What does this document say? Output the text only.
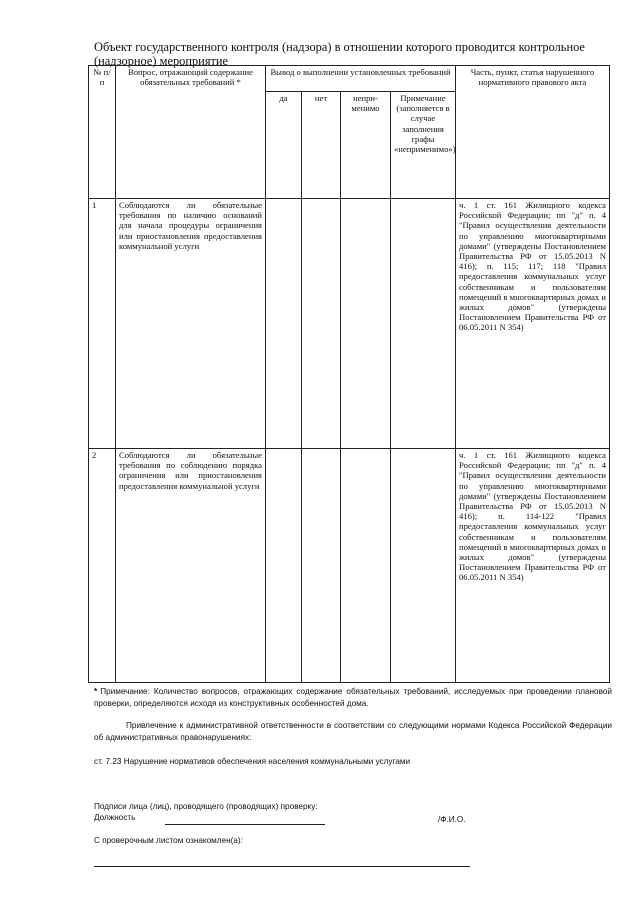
Объект государственного контроля (надзора) в отношении которого проводится контрольное (надзорное) мероприятие
№ п/п	Вопрос, отражающий содержание обязательных требований *	Вывод о выполнении установленных требований				Часть, пункт, статья нарушенного нормативного правового акта
		да	нет	непри-менимо	Примечание (заполняется в случае заполнения графы «неприменимо»)	
1	Соблюдаются ли обязательные требования по наличию оснований для начала процедуры ограничения или приостановления предоставления коммунальной услуги					ч. 1 ст. 161 Жилищного кодекса Российской Федерации; пп "д" п. 4 "Правил осуществления деятельности по управлению многоквартирными домами" (утверждены Постановлением Правительства РФ от 15.05.2013 N 416); п. 115; 117; 118 "Правил предоставления коммунальных услуг собственникам и пользователям помещений в многоквартирных домах и жилых домов" (утверждены Постановлением Правительства РФ от 06.05.2011 N 354)
2	Соблюдаются ли обязательные требования по соблюдению порядка ограничения или приостановления предоставления коммунальной услуги					ч. 1 ст. 161 Жилищного кодекса Российской Федерации; пп "д" п. 4 "Правил осуществления деятельности по управлению многоквартирными домами" (утверждены Постановлением Правительства РФ от 15.05.2013 N 416); п. 114-122 "Правил предоставления коммунальных услуг собственникам и пользователям помещений в многоквартирных домах и жилых домов" (утверждены Постановлением Правительства РФ от 06.05.2011 N 354)
* Примечание: Количество вопросов, отражающих содержание обязательных требований, исследуемых при проведении плановой проверки, определяются исходя из конструктивных особенностей дома.
Привлечение к административной ответственности в соответствии со следующими нормами Кодекса Российской Федерации об административных правонарушениях:
ст. 7.23 Нарушение нормативов обеспечения населения коммунальными услугами
Подписи лица (лиц), проводящего (проводящих) проверку:
Должность	/Ф.И.О.
С проверочным листом ознакомлен(а):
